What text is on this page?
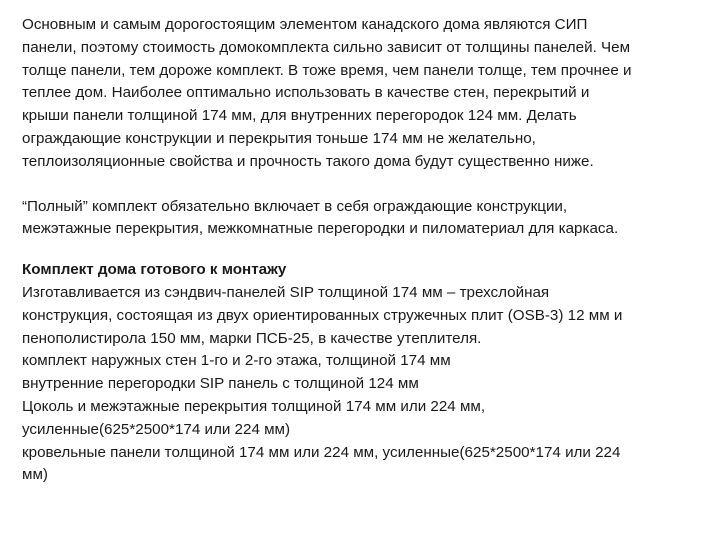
Основным и самым дорогостоящим элементом канадского дома являются СИП
панели, поэтому стоимость домокомплекта сильно зависит от толщины панелей. Чем
толще панели, тем дороже комплект. В тоже время, чем панели толще, тем прочнее и
теплее дом. Наиболее оптимально использовать в качестве стен, перекрытий и
крыши панели толщиной 174 мм, для внутренних перегородок 124 мм. Делать
ограждающие конструкции и перекрытия тоньше 174 мм не желательно,
теплоизоляционные свойства и прочность такого дома будут существенно ниже.
“Полный” комплект обязательно включает в себя ограждающие конструкции,
межэтажные перекрытия, межкомнатные перегородки и пиломатериал для каркаса.
Комплект дома готового к монтажу
Изготавливается из сэндвич-панелей SIP толщиной 174 мм – трехслойная
конструкция, состоящая из двух ориентированных стружечных плит (OSB-3) 12 мм и
пенополистирола 150 мм, марки ПСБ-25, в качестве утеплителя.
комплект наружных стен 1-го и 2-го этажа, толщиной 174 мм
внутренние перегородки SIP панель с толщиной 124 мм
Цоколь и межэтажные перекрытия толщиной 174 мм или 224 мм,
усиленные(625*2500*174 или 224 мм)
кровельные панели толщиной 174 мм или 224 мм, усиленные(625*2500*174 или 224
мм)
